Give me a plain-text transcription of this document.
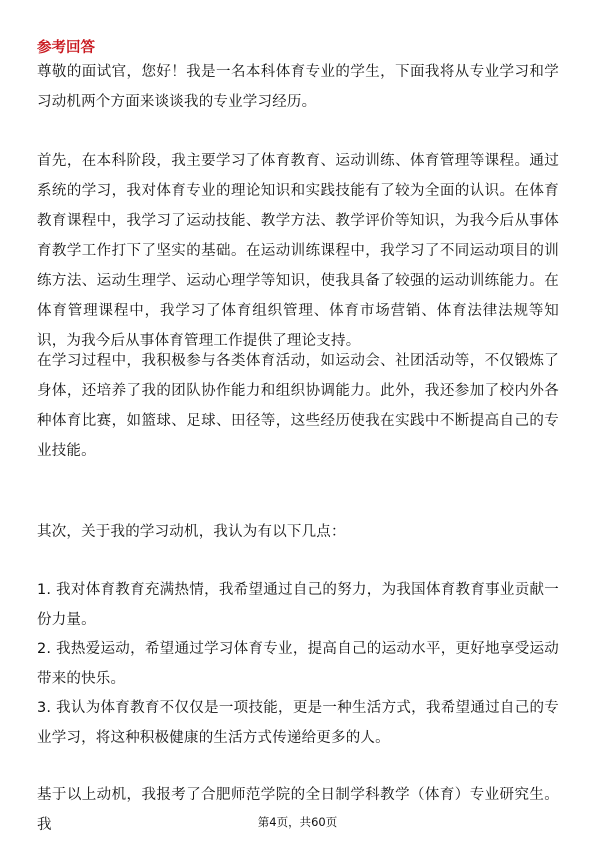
参考回答

尊敬的面试官，您好！我是一名本科体育专业的学生，下面我将从专业学习和学习动机两个方面来谈谈我的专业学习经历。

首先，在本科阶段，我主要学习了体育教育、运动训练、体育管理等课程。通过系统的学习，我对体育专业的理论知识和实践技能有了较为全面的认识。在体育教育课程中，我学习了运动技能、教学方法、教学评价等知识，为我今后从事体育教学工作打下了坚实的基础。在运动训练课程中，我学习了不同运动项目的训练方法、运动生理学、运动心理学等知识，使我具备了较强的运动训练能力。在体育管理课程中，我学习了体育组织管理、体育市场营销、体育法律法规等知识，为我今后从事体育管理工作提供了理论支持。

在学习过程中，我积极参与各类体育活动，如运动会、社团活动等，不仅锻炼了身体，还培养了我的团队协作能力和组织协调能力。此外，我还参加了校内外各种体育比赛，如篮球、足球、田径等，这些经历使我在实践中不断提高自己的专业技能。

其次，关于我的学习动机，我认为有以下几点：

1. 我对体育教育充满热情，我希望通过自己的努力，为我国体育教育事业贡献一份力量。

2. 我热爱运动，希望通过学习体育专业，提高自己的运动水平，更好地享受运动带来的快乐。

3. 我认为体育教育不仅仅是一项技能，更是一种生活方式，我希望通过自己的专业学习，将这种积极健康的生活方式传递给更多的人。

基于以上动机，我报考了合肥师范学院的全日制学科教学（体育）专业研究生。我	第4页，共60页
